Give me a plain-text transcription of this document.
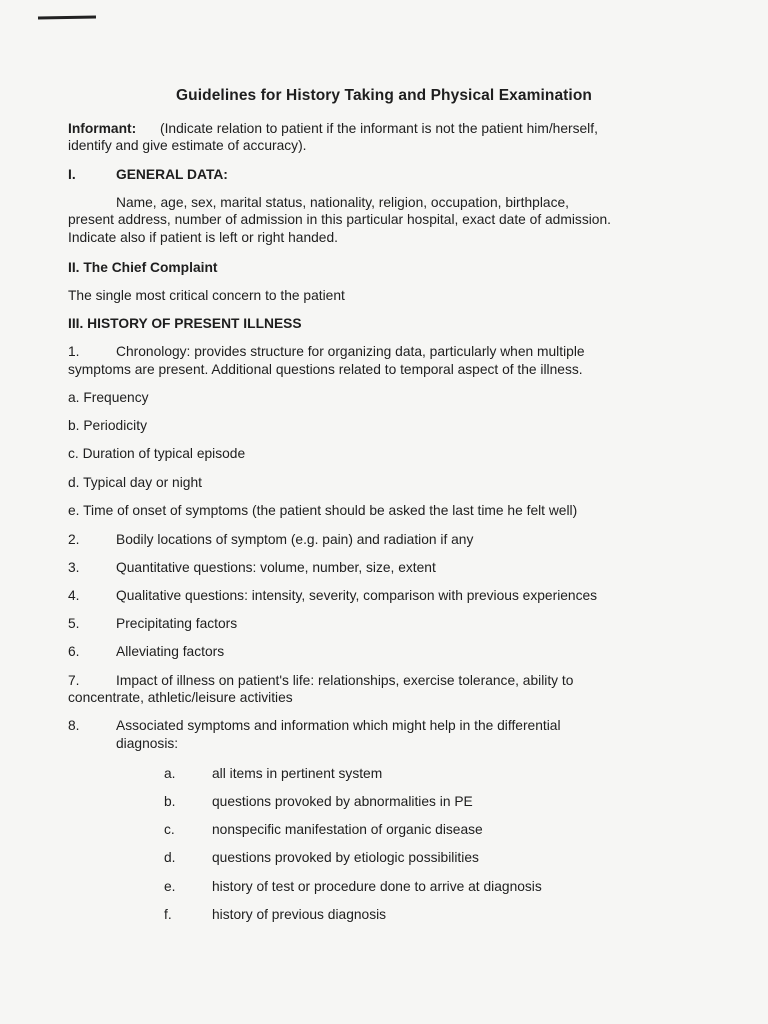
Guidelines for History Taking and Physical Examination
Informant: (Indicate relation to patient if the informant is not the patient him/herself,
identify and give estimate of accuracy).
I.	GENERAL DATA:
Name, age, sex, marital status, nationality, religion, occupation, birthplace,
present address, number of admission in this particular hospital, exact date of admission.
Indicate also if patient is left or right handed.
II. The Chief Complaint
The single most critical concern to the patient
III. HISTORY OF PRESENT ILLNESS
1.	Chronology: provides structure for organizing data, particularly when multiple
symptoms are present. Additional questions related to temporal aspect of the illness.
a. Frequency
b. Periodicity
c. Duration of typical episode
d. Typical day or night
e. Time of onset of symptoms (the patient should be asked the last time he felt well)
2.	Bodily locations of symptom (e.g. pain) and radiation if any
3.	Quantitative questions: volume, number, size, extent
4.	Qualitative questions: intensity, severity, comparison with previous experiences
5.	Precipitating factors
6.	Alleviating factors
7.	Impact of illness on patient's life: relationships, exercise tolerance, ability to
concentrate, athletic/leisure activities
8.	Associated symptoms and information which might help in the differential
diagnosis:
a.	all items in pertinent system
b.	questions provoked by abnormalities in PE
c.	nonspecific manifestation of organic disease
d.	questions provoked by etiologic possibilities
e.	history of test or procedure done to arrive at diagnosis
f.	history of previous diagnosis
